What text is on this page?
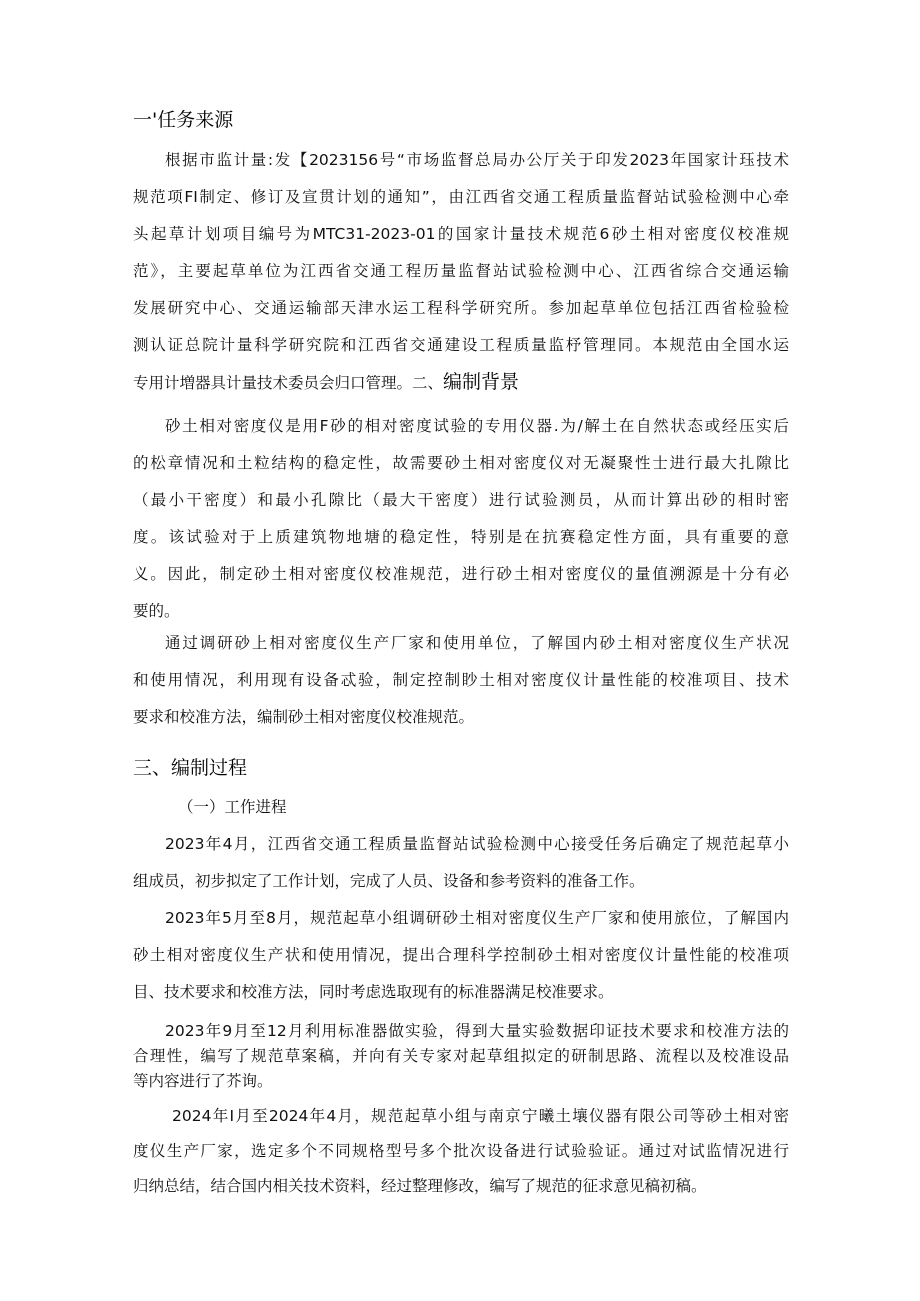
一'任务来源
根据市监计量:发【2023156号“市场监督总局办公厅关于印发2023年国家计珏技术
规范项FI制定、修订及宣贯计划的通知”，由江西省交通工程质量监督站试验检测中心牵
头起草计划项目编号为MTC31-2023-01的国家计量技术规范6砂土相对密度仪校准规
范》，主要起草单位为江西省交通工程历量监督站试验检测中心、江西省综合交通运输
发展研究中心、交通运输部天津水运工程科学研究所。参加起草单位包括江西省检验检
测认证总院计量科学研究院和江西省交通建设工程质量监杼管理同。本规范由全国水运
专用计増器具计量技术委员会归口管理。二、编制背景
砂土相对密度仪是用F砂的相对密度试验的专用仪器.为/解土在自然状态或经压实后
的松章情况和土粒结构的稳定性，故需要砂土相对密度仪对无凝聚性士进行最大扎隙比
（最小干密度）和最小孔隙比（最大干密度）进行试验测员，从而计算出砂的相时密
度。该试验对于上质建筑物地塘的稳定性，特别是在抗赛稳定性方面，具有重要的意
义。因此，制定砂土相对密度仪校准规范，进行砂土相对密度仪的量值溯源是十分有必
要的。
通过调研砂上相对密度仪生产厂家和使用单位，了解国内砂土相对密度仪生产状况
和使用情况，利用现有设备忒验，制定控制眇土相对密度仪计量性能的校准项目、技术
要求和校准方法，编制砂土相对密度仪校准规范。
三、编制过程
（一）工作进程
2023年4月，江西省交通工程质量监督站试验检测中心接受任务后确定了规范起草小
组成员，初步拟定了工作计划，完成了人员、设备和参考资料的准备工作。
2023年5月至8月，规范起草小组调研砂土相对密度仪生产厂家和使用旅位，了解国内
砂土相对密度仪生产状和使用情况，提出合理科学控制砂土相对密度仪计量性能的校准项
目、技术要求和校准方法，同时考虑选取现有的标准器满足校准要求。
2023年9月至12月利用标准器做实验，得到大量实验数据印证技术要求和校准方法的
合理性，编写了规范草案稿，并向有关专家对起草组拟定的研制思路、流程以及校准设品
等内容进行了芥询。
2024年I月至2024年4月，规范起草小组与南京宁曦土壤仪器有限公司等砂土相对密
度仪生产厂家，选定多个不同规格型号多个批次设备进行试验验证。通过对试监情况进行
归纳总结，结合国内相关技术资料，经过整理修改，编写了规范的征求意见稿初稿。
